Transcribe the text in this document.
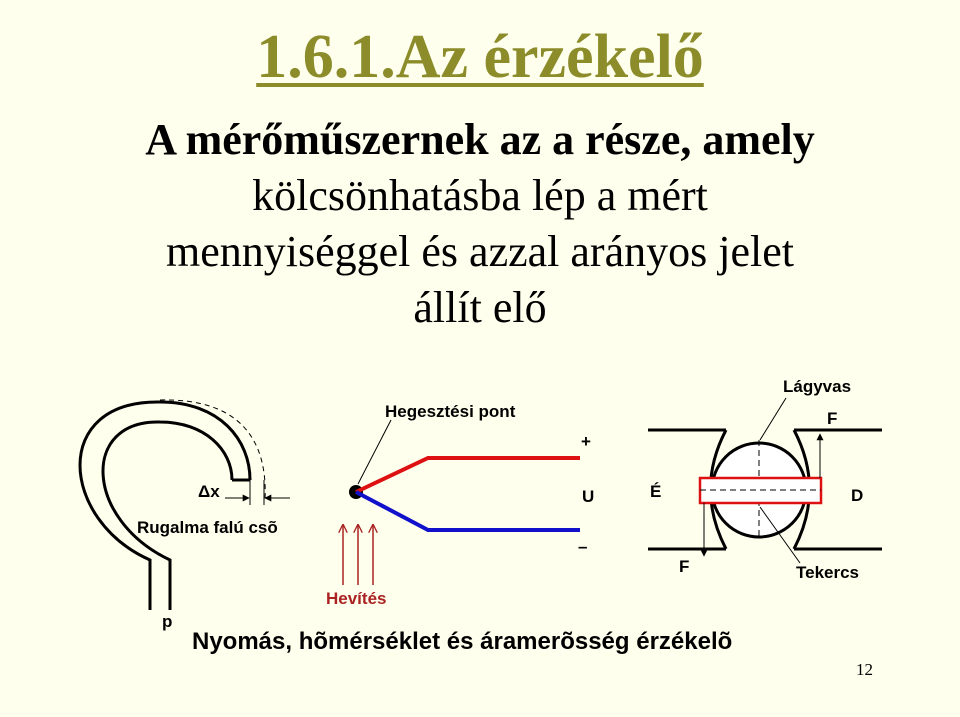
1.6.1.Az érzékelő
A mérőműszernek az a része, amely
kölcsönhatásba lép a mért
mennyiséggel és azzal arányos jelet
állít elő
Δx
Rugalma falú csõ
p
Hegesztési pont
Hevítés
+
U
–
Lágyvas
F
É	D
F	Tekercs
Nyomás, hõmérséklet és áramerõsség érzékelõ
12
